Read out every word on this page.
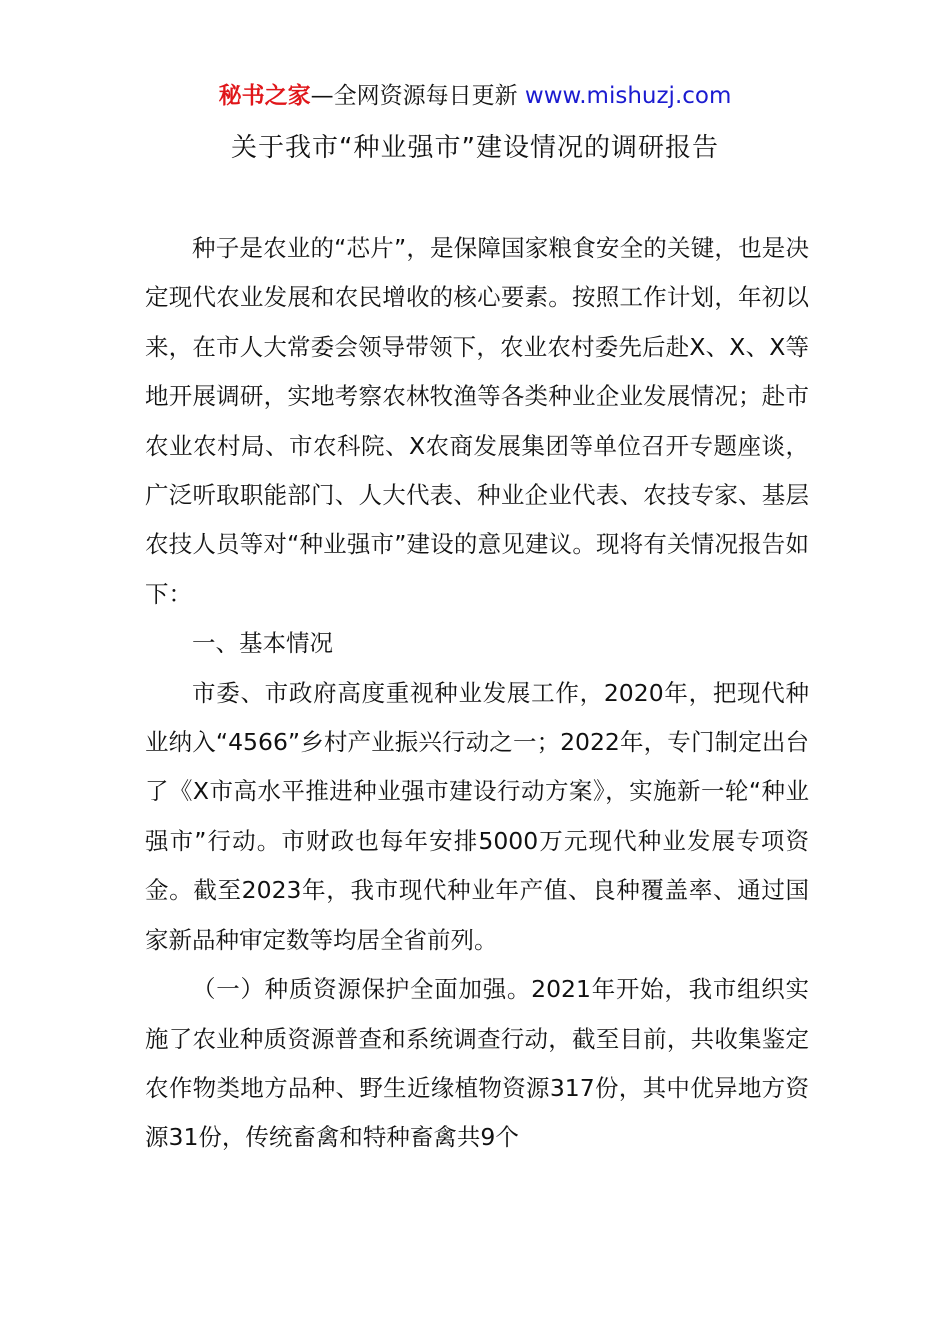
秘书之家—全网资源每日更新 www.mishuzj.com
关于我市“种业强市”建设情况的调研报告

种子是农业的“芯片”，是保障国家粮食安全的关键，也是决定现代农业发展和农民增收的核心要素。按照工作计划，年初以来，在市人大常委会领导带领下，农业农村委先后赴X、X、X等地开展调研，实地考察农林牧渔等各类种业企业发展情况；赴市农业农村局、市农科院、X农商发展集团等单位召开专题座谈，广泛听取职能部门、人大代表、种业企业代表、农技专家、基层农技人员等对“种业强市”建设的意见建议。现将有关情况报告如下：

一、基本情况

市委、市政府高度重视种业发展工作，2020年，把现代种业纳入“4566”乡村产业振兴行动之一；2022年，专门制定出台了《X市高水平推进种业强市建设行动方案》，实施新一轮“种业强市”行动。市财政也每年安排5000万元现代种业发展专项资金。截至2023年，我市现代种业年产值、良种覆盖率、通过国家新品种审定数等均居全省前列。

（一）种质资源保护全面加强。2021年开始，我市组织实施了农业种质资源普查和系统调查行动，截至目前，共收集鉴定农作物类地方品种、野生近缘植物资源317份，其中优异地方资源31份，传统畜禽和特种畜禽共9个
